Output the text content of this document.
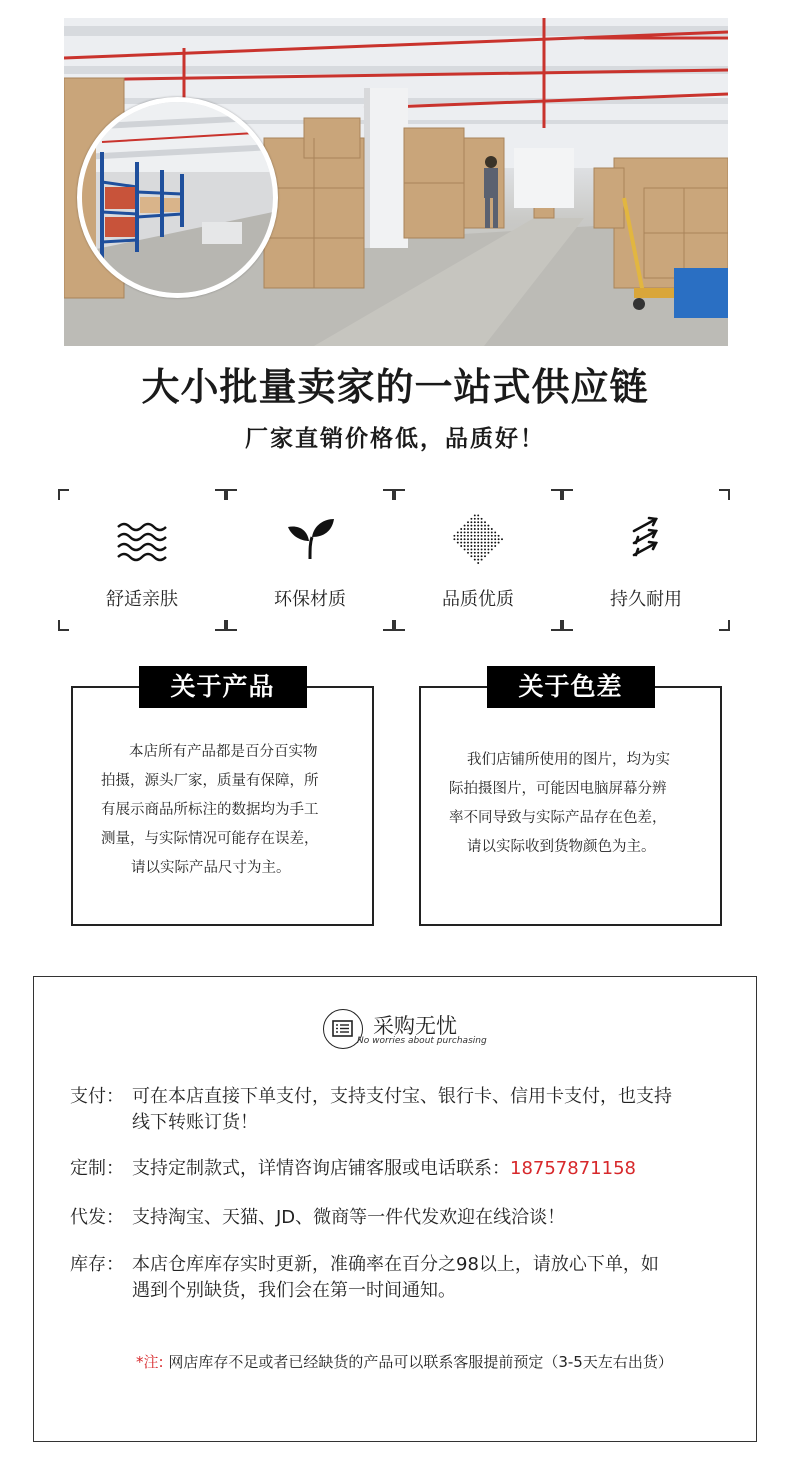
大小批量卖家的一站式供应链
厂家直销价格低，品质好！
舒适亲肤	环保材质	品质优质	持久耐用
关于产品
本店所有产品都是百分百实物
拍摄，源头厂家，质量有保障，所
有展示商品所标注的数据均为手工
测量，与实际情况可能存在误差，
请以实际产品尺寸为主。
关于色差
我们店铺所使用的图片，均为实
际拍摄图片，可能因电脑屏幕分辨
率不同导致与实际产品存在色差，
请以实际收到货物颜色为主。
采购无忧
No worries about purchasing
支付： 可在本店直接下单支付，支持支付宝、银行卡、信用卡支付，也支持
线下转账订货！
定制： 支持定制款式，详情咨询店铺客服或电话联系：18757871158
代发： 支持淘宝、天猫、JD、微商等一件代发欢迎在线洽谈！
库存： 本店仓库库存实时更新，准确率在百分之98以上，请放心下单，如
遇到个别缺货，我们会在第一时间通知。
*注: 网店库存不足或者已经缺货的产品可以联系客服提前预定（3-5天左右出货）
